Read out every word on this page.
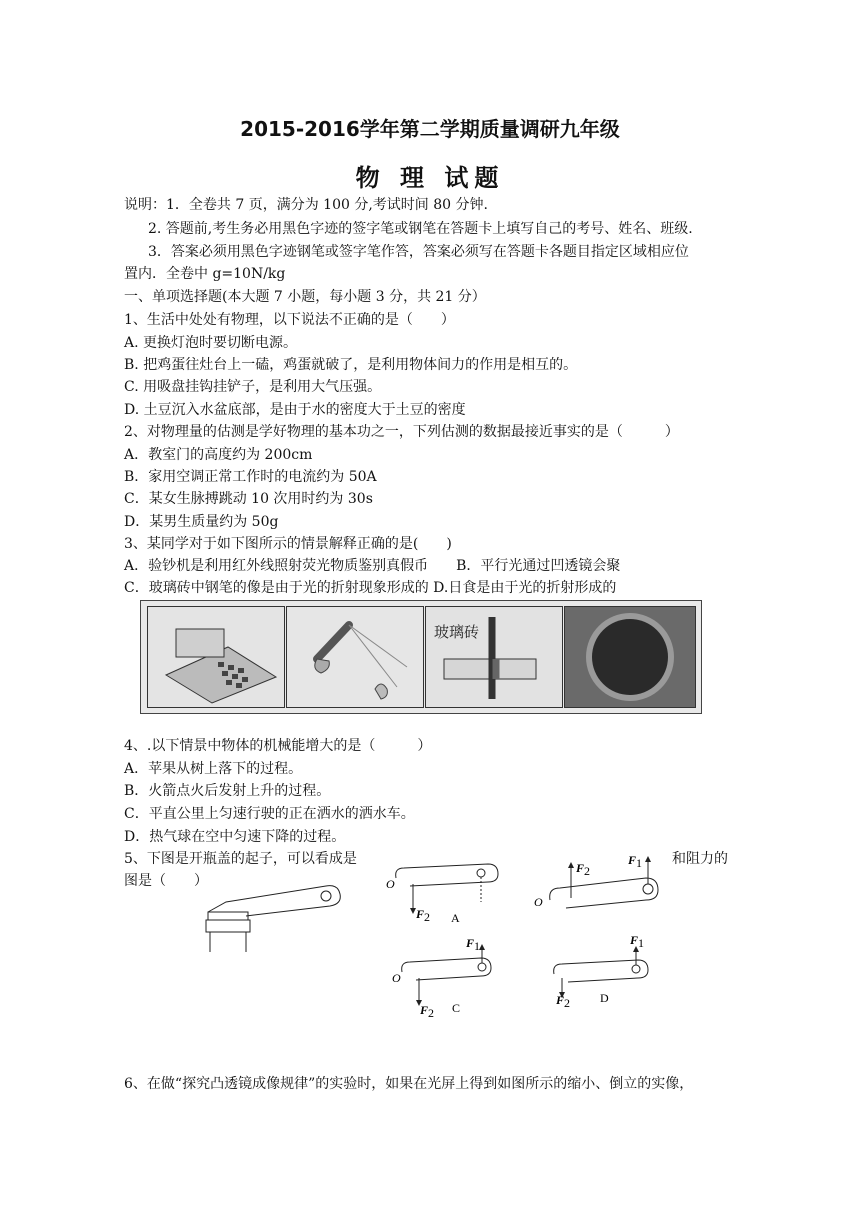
2015-2016学年第二学期质量调研九年级
物 理 试题
说明：1．全卷共 7 页，满分为 100 分,考试时间 80 分钟.
2. 答题前,考生务必用黑色字迹的签字笔或钢笔在答题卡上填写自己的考号、姓名、班级.
3．答案必须用黑色字迹钢笔或签字笔作答，答案必须写在答题卡各题目指定区域相应位
置内．全卷中 g=10N/kg
一、单项选择题(本大题 7 小题，每小题 3 分，共 21 分）
1、生活中处处有物理，以下说法不正确的是（　　）
A. 更换灯泡时要切断电源。
B. 把鸡蛋往灶台上一磕，鸡蛋就破了，是利用物体间力的作用是相互的。
C. 用吸盘挂钩挂铲子，是利用大气压强。
D. 土豆沉入水盆底部，是由于水的密度大于土豆的密度
2、对物理量的估测是学好物理的基本功之一，下列估测的数据最接近事实的是（　　　）
A．教室门的高度约为 200cm
B．家用空调正常工作时的电流约为 50A
C．某女生脉搏跳动 10 次用时约为 30s
D．某男生质量约为 50g
3、某同学对于如下图所示的情景解释正确的是(　　)
A．验钞机是利用红外线照射荧光物质鉴别真假币　　B．平行光通过凹透镜会聚
C．玻璃砖中钢笔的像是由于光的折射现象形成的 D.日食是由于光的折射形成的
玻璃砖
4、.以下情景中物体的机械能增大的是（　　　）
A．苹果从树上落下的过程。
B．火箭点火后发射上升的过程。
C．平直公里上匀速行驶的正在洒水的洒水车。
D．热气球在空中匀速下降的过程。
5、下图是开瓶盖的起子，可以看成是	和阻力的
图是（　　）	O
F 2 A
O
F 2
F 1
O
F 2
F 1
C
F 2
F 1
D
6、在做“探究凸透镜成像规律”的实验时，如果在光屏上得到如图所示的缩小、倒立的实像，
